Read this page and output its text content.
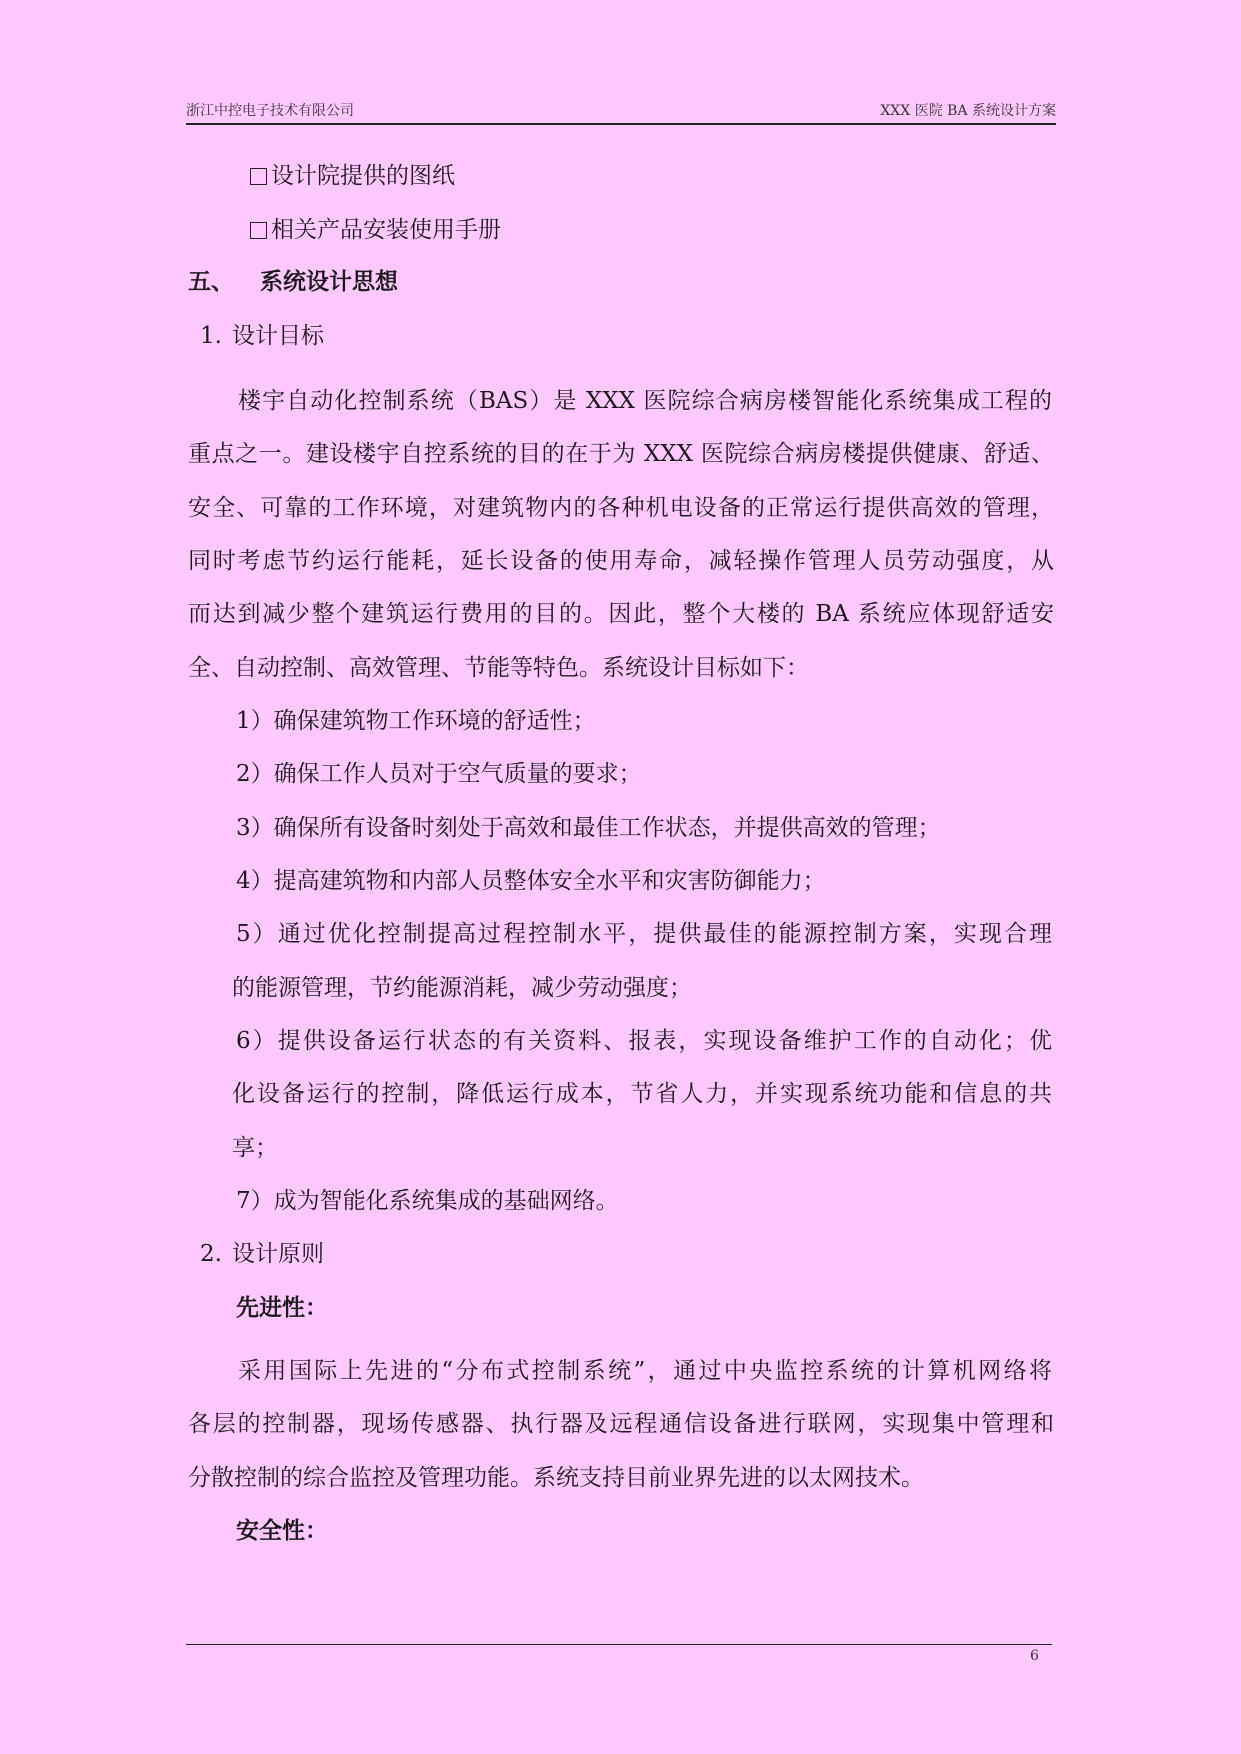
浙江中控电子技术有限公司	XXX 医院 BA 系统设计方案
设计院提供的图纸
相关产品安装使用手册
五、 系统设计思想
1. 设计目标
楼宇自动化控制系统（BAS）是 XXX 医院综合病房楼智能化系统集成工程的
重点之一。建设楼宇自控系统的目的在于为 XXX 医院综合病房楼提供健康、舒适、
安全、可靠的工作环境，对建筑物内的各种机电设备的正常运行提供高效的管理，
同时考虑节约运行能耗，延长设备的使用寿命，减轻操作管理人员劳动强度，从
而达到减少整个建筑运行费用的目的。因此，整个大楼的 BA 系统应体现舒适安
全、自动控制、高效管理、节能等特色。系统设计目标如下：
1）确保建筑物工作环境的舒适性；
2）确保工作人员对于空气质量的要求；
3）确保所有设备时刻处于高效和最佳工作状态，并提供高效的管理；
4）提高建筑物和内部人员整体安全水平和灾害防御能力；
5）通过优化控制提高过程控制水平，提供最佳的能源控制方案，实现合理
的能源管理，节约能源消耗，减少劳动强度；
6）提供设备运行状态的有关资料、报表，实现设备维护工作的自动化；优
化设备运行的控制，降低运行成本，节省人力，并实现系统功能和信息的共
享；
7）成为智能化系统集成的基础网络。
2. 设计原则
先进性：
采用国际上先进的“分布式控制系统”，通过中央监控系统的计算机网络将
各层的控制器，现场传感器、执行器及远程通信设备进行联网，实现集中管理和
分散控制的综合监控及管理功能。系统支持目前业界先进的以太网技术。
安全性：
6
